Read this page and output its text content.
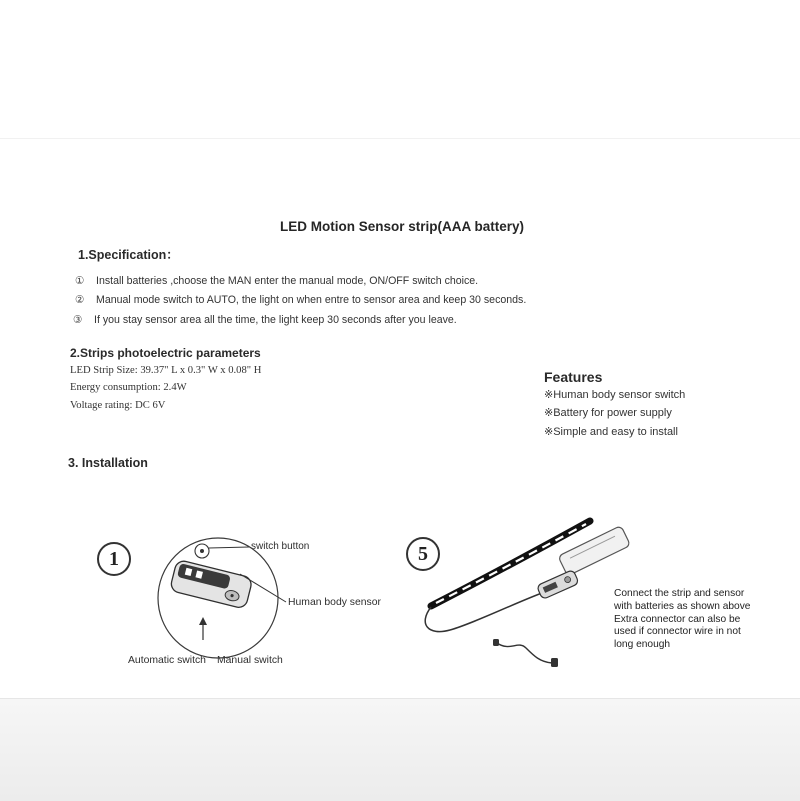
LED Motion Sensor strip(AAA battery)
1.Specification：
① Install batteries ,choose the MAN enter the manual mode, ON/OFF switch choice.
② Manual mode switch to AUTO, the light on when entre to sensor area and keep 30 seconds.
③ If you stay sensor area all the time, the light keep 30 seconds after you leave.
2.Strips photoelectric parameters
LED Strip Size: 39.37" L x 0.3" W x 0.08" H
Energy consumption: 2.4W
Voltage rating: DC 6V
Features
※Human body sensor switch
※Battery for power supply
※Simple and easy to install
3. Installation
1
switch button
Human body sensor
Automatic switch Manual switch
5
Connect the strip and sensor
with batteries as shown above
Extra connector can also be
used if connector wire in not
long enough
